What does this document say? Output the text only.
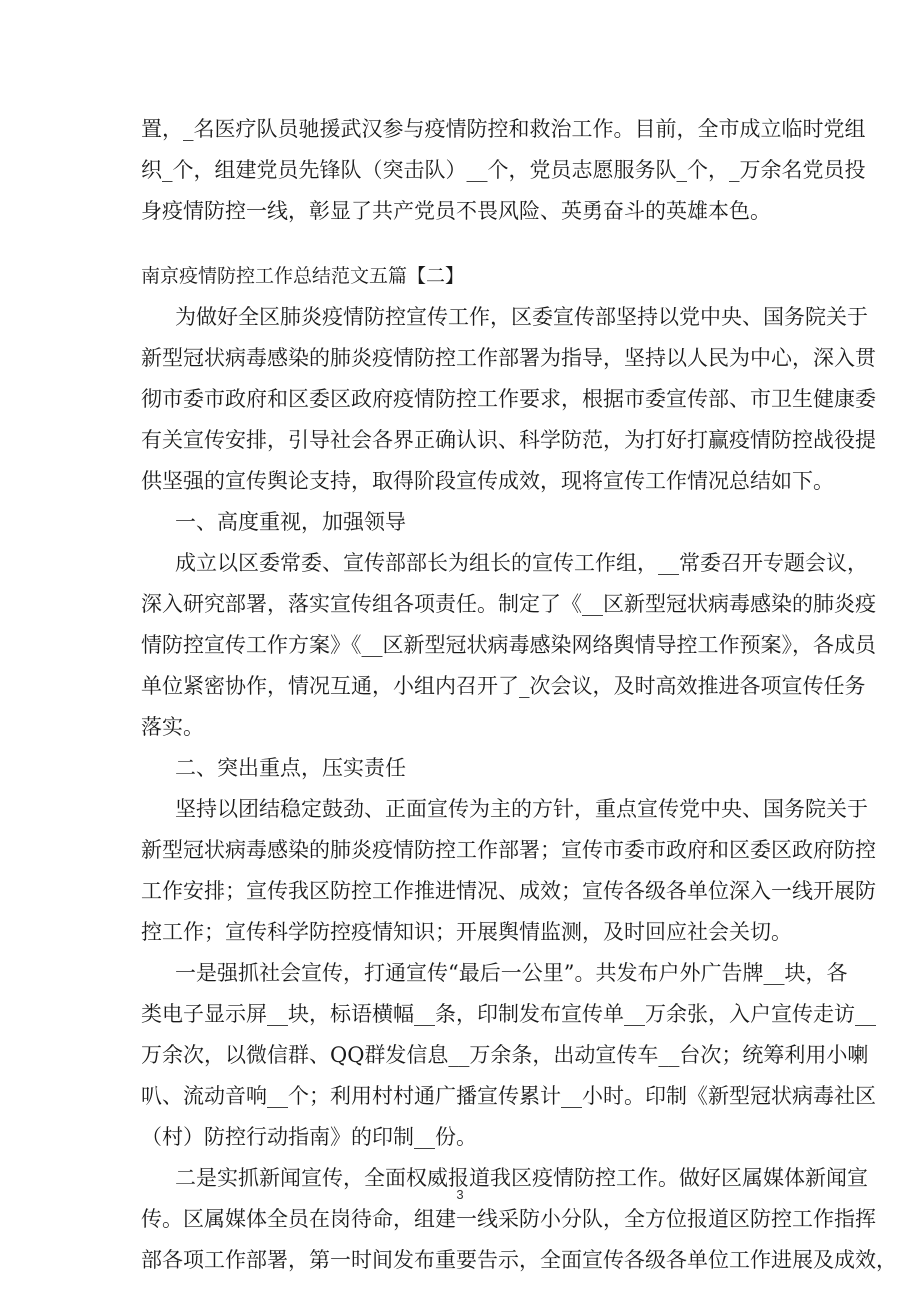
置，_名医疗队员驰援武汉参与疫情防控和救治工作。目前，全市成立临时党组
织_个，组建党员先锋队（突击队）__个，党员志愿服务队_个，_万余名党员投
身疫情防控一线，彰显了共产党员不畏风险、英勇奋斗的英雄本色。
南京疫情防控工作总结范文五篇【二】
为做好全区肺炎疫情防控宣传工作，区委宣传部坚持以党中央、国务院关于
新型冠状病毒感染的肺炎疫情防控工作部署为指导，坚持以人民为中心，深入贯
彻市委市政府和区委区政府疫情防控工作要求，根据市委宣传部、市卫生健康委
有关宣传安排，引导社会各界正确认识、科学防范，为打好打赢疫情防控战役提
供坚强的宣传舆论支持，取得阶段宣传成效，现将宣传工作情况总结如下。
一、高度重视，加强领导
成立以区委常委、宣传部部长为组长的宣传工作组，__常委召开专题会议，
深入研究部署，落实宣传组各项责任。制定了《__区新型冠状病毒感染的肺炎疫
情防控宣传工作方案》《__区新型冠状病毒感染网络舆情导控工作预案》，各成员
单位紧密协作，情况互通，小组内召开了_次会议，及时高效推进各项宣传任务
落实。
二、突出重点，压实责任
坚持以团结稳定鼓劲、正面宣传为主的方针，重点宣传党中央、国务院关于
新型冠状病毒感染的肺炎疫情防控工作部署；宣传市委市政府和区委区政府防控
工作安排；宣传我区防控工作推进情况、成效；宣传各级各单位深入一线开展防
控工作；宣传科学防控疫情知识；开展舆情监测，及时回应社会关切。
一是强抓社会宣传，打通宣传“最后一公里”。共发布户外广告牌__块，各
类电子显示屏__块，标语横幅__条，印制发布宣传单__万余张，入户宣传走访__
万余次，以微信群、QQ群发信息__万余条，出动宣传车__台次；统筹利用小喇
叭、流动音响__个；利用村村通广播宣传累计__小时。印制《新型冠状病毒社区
（村）防控行动指南》的印制__份。
二是实抓新闻宣传，全面权威报道我区疫情防控工作。做好区属媒体新闻宣
传。区属媒体全员在岗待命，组建一线采防小分队，全方位报道区防控工作指挥
部各项工作部署，第一时间发布重要告示，全面宣传各级各单位工作进展及成效，
3
